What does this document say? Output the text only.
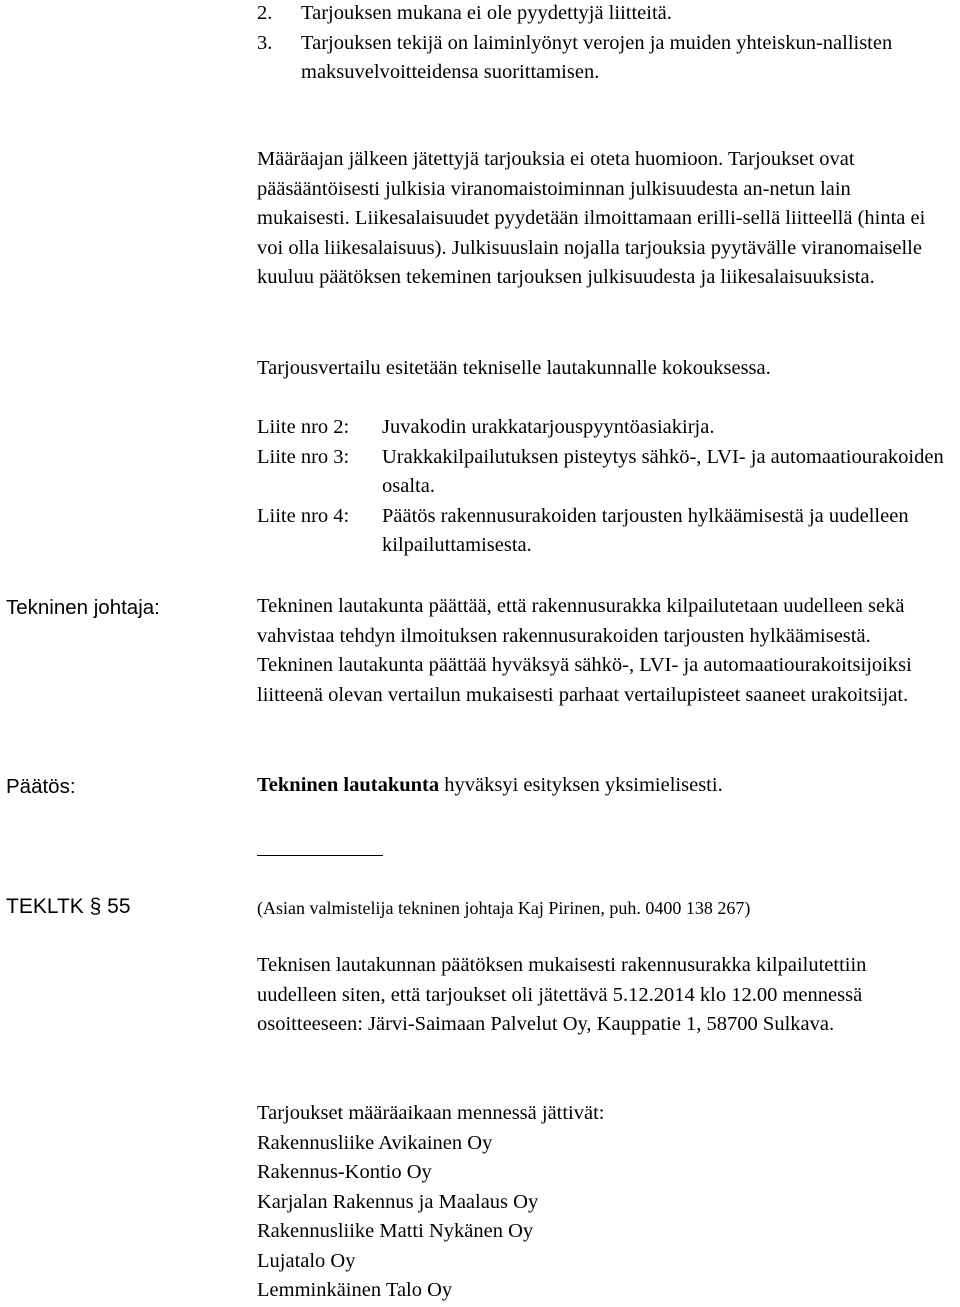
2.	Tarjouksen mukana ei ole pyydettyjä liitteitä.
3.	Tarjouksen tekijä on laiminlyönyt verojen ja muiden yhteiskun-nallisten maksuvelvoitteidensa suorittamisen.

Määräajan jälkeen jätettyjä tarjouksia ei oteta huomioon. Tarjoukset ovat pääsääntöisesti julkisia viranomaistoiminnan julkisuudesta an-netun lain mukaisesti. Liikesalaisuudet pyydetään ilmoittamaan erilli-sellä liitteellä (hinta ei voi olla liikesalaisuus). Julkisuuslain nojalla tarjouksia pyytävälle viranomaiselle kuuluu päätöksen tekeminen tarjouksen julkisuudesta ja liikesalaisuuksista.

Tarjousvertailu esitetään tekniselle lautakunnalle kokouksessa.

Liite nro 2:	Juvakodin urakkatarjouspyyntöasiakirja.
Liite nro 3:	Urakkakilpailutuksen pisteytys sähkö-, LVI- ja automaatiourakoiden osalta.
Liite nro 4:	Päätös rakennusurakoiden tarjousten hylkäämisestä ja uudelleen kilpailuttamisesta.
Tekninen johtaja:	Tekninen lautakunta päättää, että rakennusurakka kilpailutetaan uudelleen sekä vahvistaa tehdyn ilmoituksen rakennusurakoiden tarjousten hylkäämisestä. Tekninen lautakunta päättää hyväksyä sähkö-, LVI- ja automaatiourakoitsijoiksi liitteenä olevan vertailun mukaisesti parhaat vertailupisteet saaneet urakoitsijat.

Päätös:	Tekninen lautakunta hyväksyi esityksen yksimielisesti.

TEKLTK § 55	(Asian valmistelija tekninen johtaja Kaj Pirinen, puh. 0400 138 267)

Teknisen lautakunnan päätöksen mukaisesti rakennusurakka kilpailutettiin uudelleen siten, että tarjoukset oli jätettävä 5.12.2014 klo 12.00 mennessä osoitteeseen: Järvi-Saimaan Palvelut Oy, Kauppatie 1, 58700 Sulkava.

Tarjoukset määräaikaan mennessä jättivät:
Rakennusliike Avikainen Oy
Rakennus-Kontio Oy
Karjalan Rakennus ja Maalaus Oy
Rakennusliike Matti Nykänen Oy
Lujatalo Oy
Lemminkäinen Talo Oy
